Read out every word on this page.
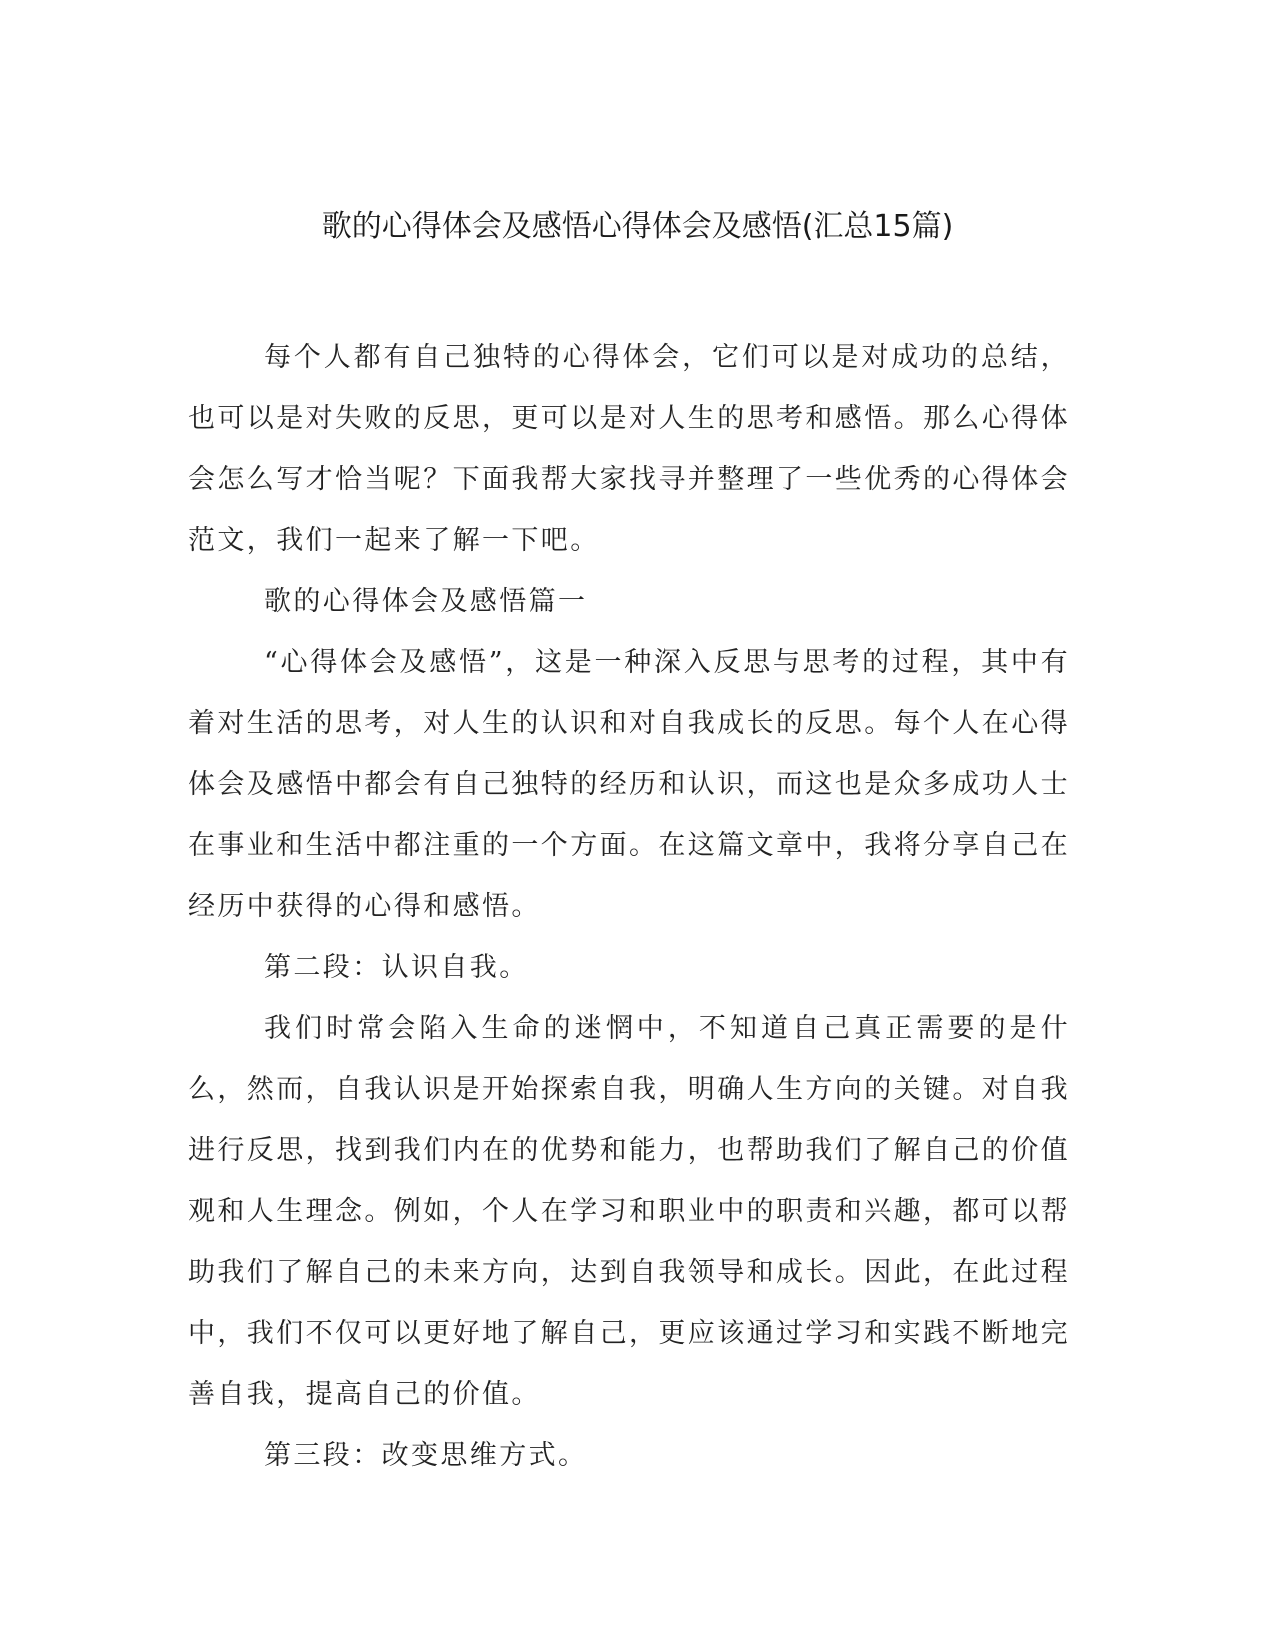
歌的心得体会及感悟心得体会及感悟(汇总15篇)

每个人都有自己独特的心得体会，它们可以是对成功的总结，也可以是对失败的反思，更可以是对人生的思考和感悟。那么心得体会怎么写才恰当呢？下面我帮大家找寻并整理了一些优秀的心得体会范文，我们一起来了解一下吧。

歌的心得体会及感悟篇一

“心得体会及感悟”，这是一种深入反思与思考的过程，其中有着对生活的思考，对人生的认识和对自我成长的反思。每个人在心得体会及感悟中都会有自己独特的经历和认识，而这也是众多成功人士在事业和生活中都注重的一个方面。在这篇文章中，我将分享自己在经历中获得的心得和感悟。

第二段：认识自我。

我们时常会陷入生命的迷惘中，不知道自己真正需要的是什么，然而，自我认识是开始探索自我，明确人生方向的关键。对自我进行反思，找到我们内在的优势和能力，也帮助我们了解自己的价值观和人生理念。例如，个人在学习和职业中的职责和兴趣，都可以帮助我们了解自己的未来方向，达到自我领导和成长。因此，在此过程中，我们不仅可以更好地了解自己，更应该通过学习和实践不断地完善自我，提高自己的价值。

第三段：改变思维方式。
